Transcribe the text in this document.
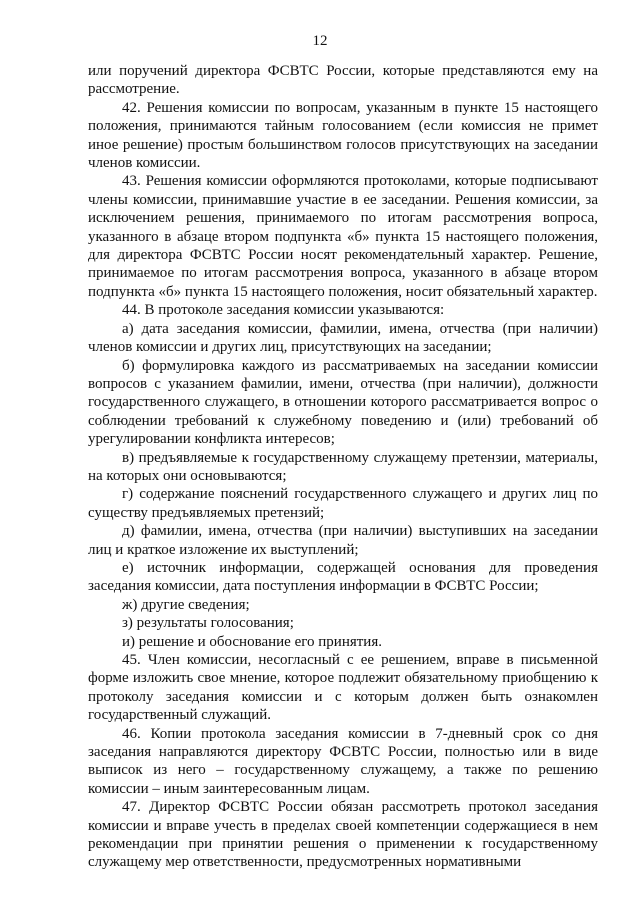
12

или поручений директора ФСВТС России, которые представляются ему на рассмотрение.

42. Решения комиссии по вопросам, указанным в пункте 15 настоящего положения, принимаются тайным голосованием (если комиссия не примет иное решение) простым большинством голосов присутствующих на заседании членов комиссии.

43. Решения комиссии оформляются протоколами, которые подписывают члены комиссии, принимавшие участие в ее заседании. Решения комиссии, за исключением решения, принимаемого по итогам рассмотрения вопроса, указанного в абзаце втором подпункта «б» пункта 15 настоящего положения, для директора ФСВТС России носят рекомендательный характер. Решение, принимаемое по итогам рассмотрения вопроса, указанного в абзаце втором подпункта «б» пункта 15 настоящего положения, носит обязательный характер.

44. В протоколе заседания комиссии указываются:

а) дата заседания комиссии, фамилии, имена, отчества (при наличии) членов комиссии и других лиц, присутствующих на заседании;

б) формулировка каждого из рассматриваемых на заседании комиссии вопросов с указанием фамилии, имени, отчества (при наличии), должности государственного служащего, в отношении которого рассматривается вопрос о соблюдении требований к служебному поведению и (или) требований об урегулировании конфликта интересов;

в) предъявляемые к государственному служащему претензии, материалы, на которых они основываются;

г) содержание пояснений государственного служащего и других лиц по существу предъявляемых претензий;

д) фамилии, имена, отчества (при наличии) выступивших на заседании лиц и краткое изложение их выступлений;

е) источник информации, содержащей основания для проведения заседания комиссии, дата поступления информации в ФСВТС России;

ж) другие сведения;

з) результаты голосования;

и) решение и обоснование его принятия.

45. Член комиссии, несогласный с ее решением, вправе в письменной форме изложить свое мнение, которое подлежит обязательному приобщению к протоколу заседания комиссии и с которым должен быть ознакомлен государственный служащий.

46. Копии протокола заседания комиссии в 7-дневный срок со дня заседания направляются директору ФСВТС России, полностью или в виде выписок из него – государственному служащему, а также по решению комиссии – иным заинтересованным лицам.

47. Директор ФСВТС России обязан рассмотреть протокол заседания комиссии и вправе учесть в пределах своей компетенции содержащиеся в нем рекомендации при принятии решения о применении к государственному служащему мер ответственности, предусмотренных нормативными
